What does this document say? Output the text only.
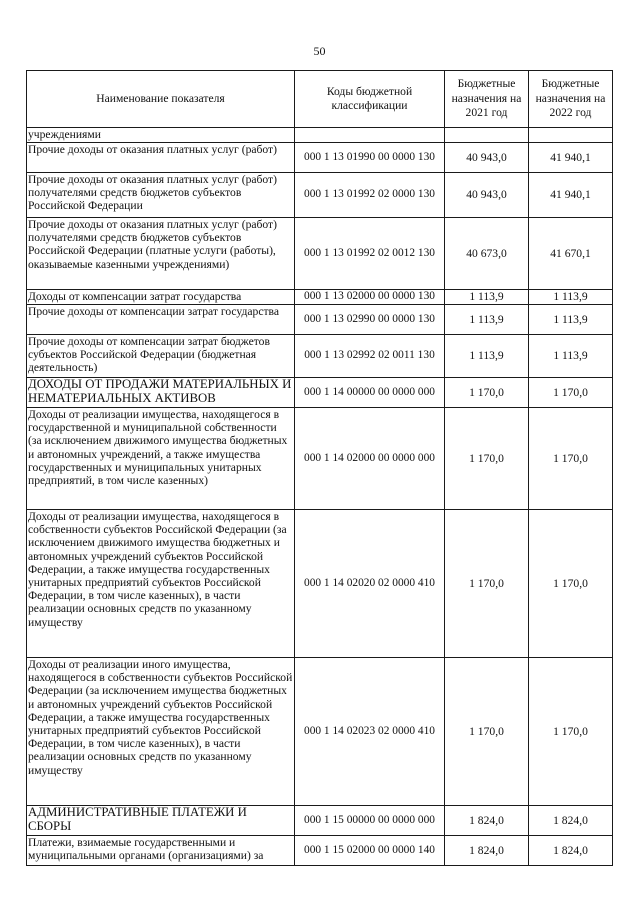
50
Наименование показателя	Коды бюджетной классификации	Бюджетные назначения на 2021 год	Бюджетные назначения на 2022 год
учреждениями			
Прочие доходы от оказания платных услуг (работ)	000 1 13 01990 00 0000 130	40 943,0	41 940,1
Прочие доходы от оказания платных услуг (работ) получателями средств бюджетов субъектов Российской Федерации	000 1 13 01992 02 0000 130	40 943,0	41 940,1
Прочие доходы от оказания платных услуг (работ) получателями средств бюджетов субъектов Российской Федерации (платные услуги (работы), оказываемые казенными учреждениями)	000 1 13 01992 02 0012 130	40 673,0	41 670,1
Доходы от компенсации затрат государства	000 1 13 02000 00 0000 130	1 113,9	1 113,9
Прочие доходы от компенсации затрат государства	000 1 13 02990 00 0000 130	1 113,9	1 113,9
Прочие доходы от компенсации затрат бюджетов субъектов Российской Федерации (бюджетная деятельность)	000 1 13 02992 02 0011 130	1 113,9	1 113,9
ДОХОДЫ ОТ ПРОДАЖИ МАТЕРИАЛЬНЫХ И НЕМАТЕРИАЛЬНЫХ АКТИВОВ	000 1 14 00000 00 0000 000	1 170,0	1 170,0
Доходы от реализации имущества, находящегося в государственной и муниципальной собственности (за исключением движимого имущества бюджетных и автономных учреждений, а также имущества государственных и муниципальных унитарных предприятий, в том числе казенных)	000 1 14 02000 00 0000 000	1 170,0	1 170,0
Доходы от реализации имущества, находящегося в собственности субъектов Российской Федерации (за исключением движимого имущества бюджетных и автономных учреждений субъектов Российской Федерации, а также имущества государственных унитарных предприятий субъектов Российской Федерации, в том числе казенных), в части реализации основных средств по указанному имуществу	000 1 14 02020 02 0000 410	1 170,0	1 170,0
Доходы от реализации иного имущества, находящегося в собственности субъектов Российской Федерации (за исключением имущества бюджетных и автономных учреждений субъектов Российской Федерации, а также имущества государственных унитарных предприятий субъектов Российской Федерации, в том числе казенных), в части реализации основных средств по указанному имуществу	000 1 14 02023 02 0000 410	1 170,0	1 170,0
АДМИНИСТРАТИВНЫЕ ПЛАТЕЖИ И СБОРЫ	000 1 15 00000 00 0000 000	1 824,0	1 824,0
Платежи, взимаемые государственными и муниципальными органами (организациями) за	000 1 15 02000 00 0000 140	1 824,0	1 824,0
